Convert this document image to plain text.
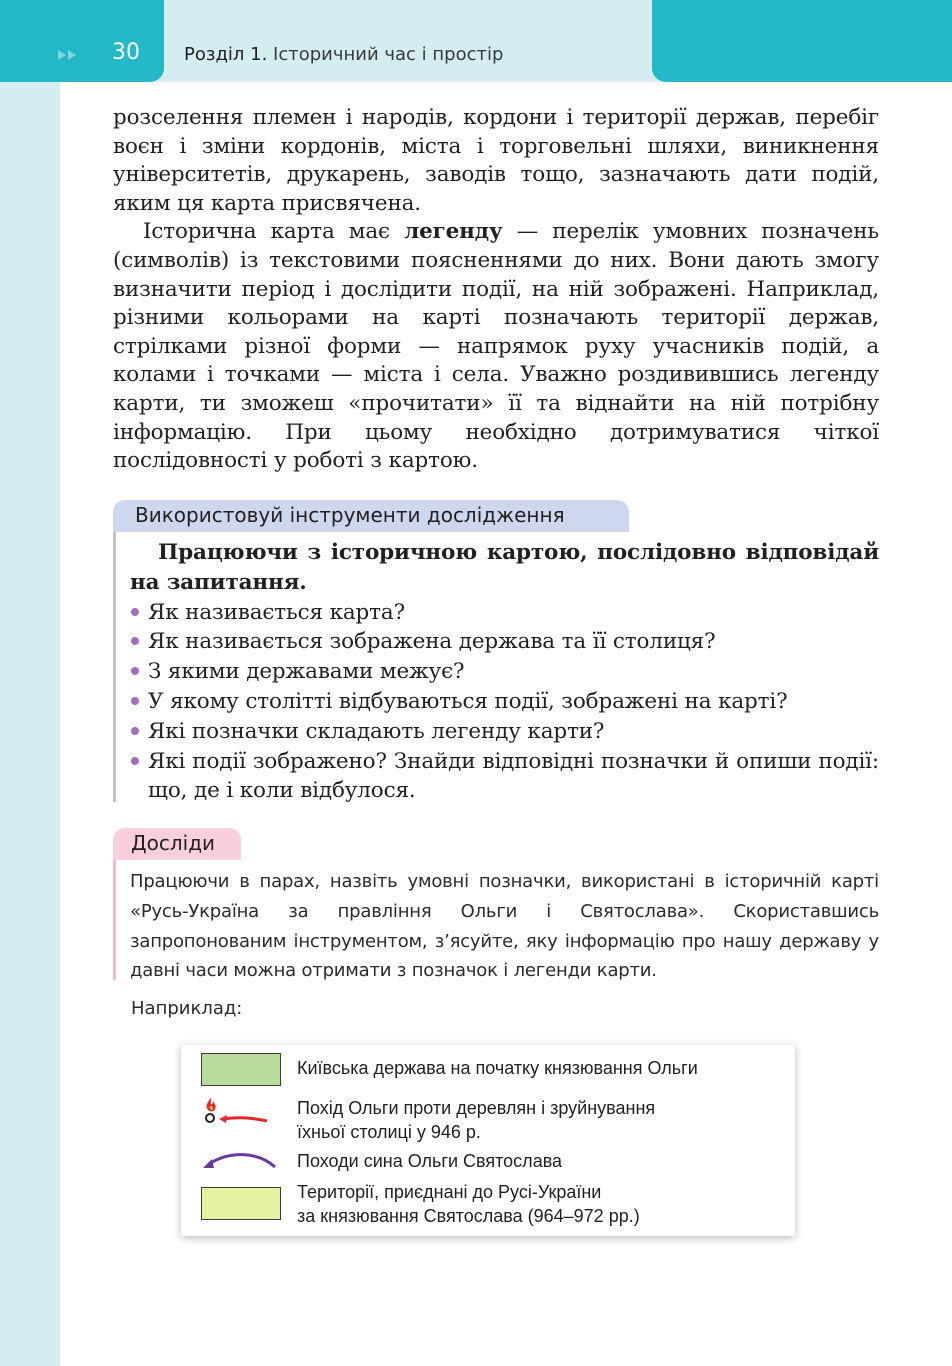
30 Розділ 1. Історичний час і простір

розселення племен і народів, кордони і території держав, перебіг воєн і зміни кордонів, міста і торговельні шляхи, виникнення університетів, друкарень, заводів тощо, зазначають дати подій, яким ця карта присвячена.

Історична карта має легенду — перелік умовних позначень (символів) із текстовими поясненнями до них. Вони дають змогу визначити період і дослідити події, на ній зображені. Наприклад, різними кольорами на карті позначають території держав, стрілками різної форми — напрямок руху учасників подій, а колами і точками — міста і села. Уважно роздивившись легенду карти, ти зможеш «прочитати» її та віднайти на ній потрібну інформацію. При цьому необхідно дотримуватися чіткої послідовності у роботі з картою.

Використовуй інструменти дослідження

Працюючи з історичною картою, послідовно відповідай на запитання.

Як називається карта?
Як називається зображена держава та її столиця?
З якими державами межує?
У якому столітті відбуваються події, зображені на карті?
Які позначки складають легенду карти?
Які події зображено? Знайди відповідні позначки й опиши події: що, де і коли відбулося.
Досліди
Працюючи в парах, назвіть умовні позначки, використані в історичній карті «Русь-Україна за правління Ольги і Святослава». Скориставшись запропонованим інструментом, з’ясуйте, яку інформацію про нашу державу у давні часи можна отримати з позначок і легенди карти.
Наприклад:
Київська держава на початку князювання Ольги
Похід Ольги проти деревлян і зруйнування
їхньої столиці у 946 р.
Походи сина Ольги Святослава
Території, приєднані до Русі-України
за князювання Святослава (964–972 рр.)
